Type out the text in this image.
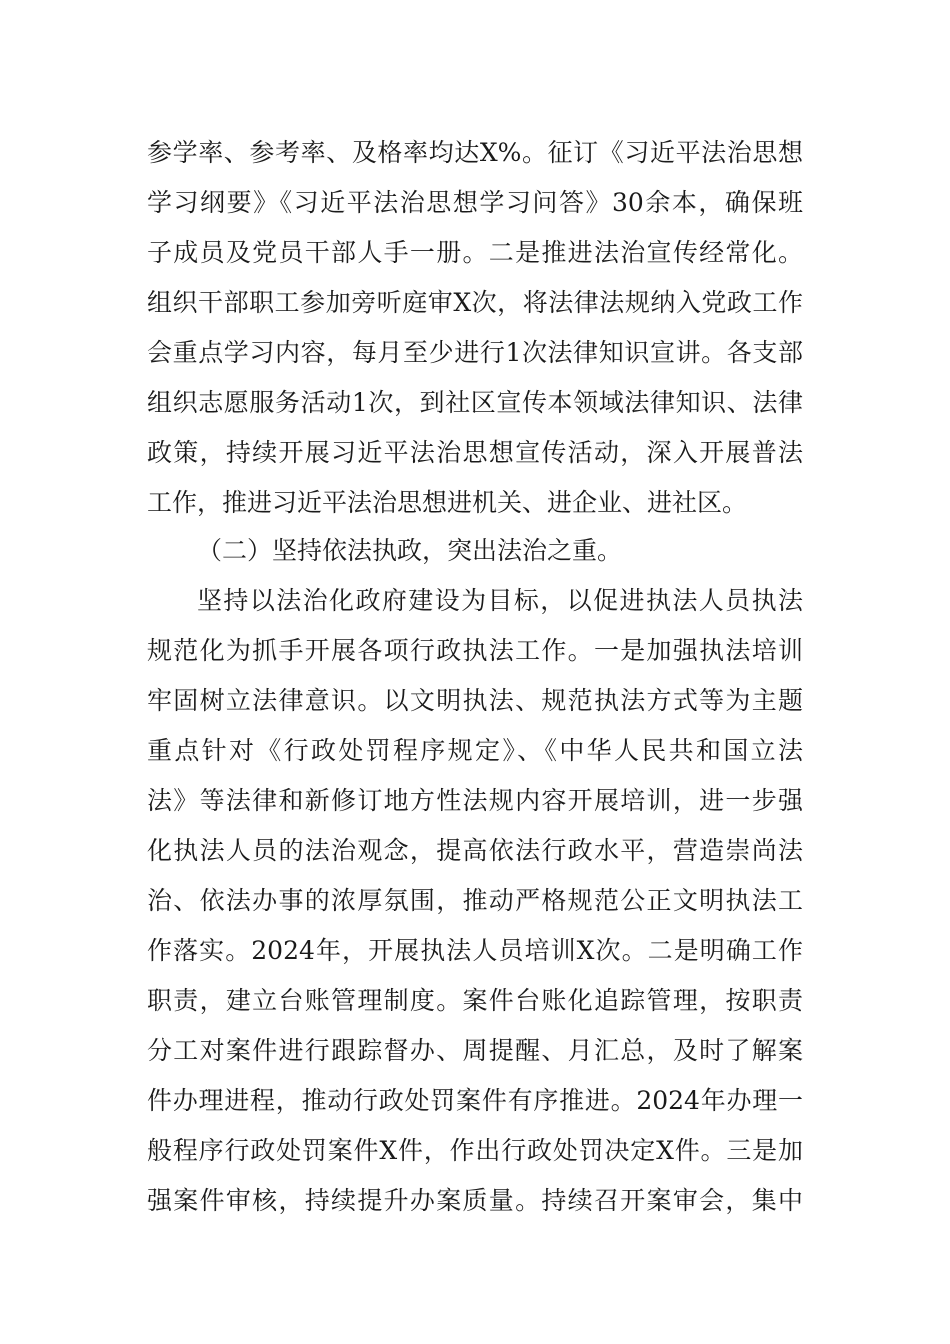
参学率、参考率、及格率均达X%。征订《习近平法治思想
学习纲要》《习近平法治思想学习问答》30余本，确保班
子成员及党员干部人手一册。二是推进法治宣传经常化。
组织干部职工参加旁听庭审X次，将法律法规纳入党政工作
会重点学习内容，每月至少进行1次法律知识宣讲。各支部
组织志愿服务活动1次，到社区宣传本领域法律知识、法律
政策，持续开展习近平法治思想宣传活动，深入开展普法
工作，推进习近平法治思想进机关、进企业、进社区。
（二）坚持依法执政，突出法治之重。
坚持以法治化政府建设为目标，以促进执法人员执法
规范化为抓手开展各项行政执法工作。一是加强执法培训
牢固树立法律意识。以文明执法、规范执法方式等为主题
重点针对《行政处罚程序规定》、《中华人民共和国立法
法》等法律和新修订地方性法规内容开展培训，进一步强
化执法人员的法治观念，提高依法行政水平，营造崇尚法
治、依法办事的浓厚氛围，推动严格规范公正文明执法工
作落实。2024年，开展执法人员培训X次。二是明确工作
职责，建立台账管理制度。案件台账化追踪管理，按职责
分工对案件进行跟踪督办、周提醒、月汇总，及时了解案
件办理进程，推动行政处罚案件有序推进。2024年办理一
般程序行政处罚案件X件，作出行政处罚决定X件。三是加
强案件审核，持续提升办案质量。持续召开案审会，集中
